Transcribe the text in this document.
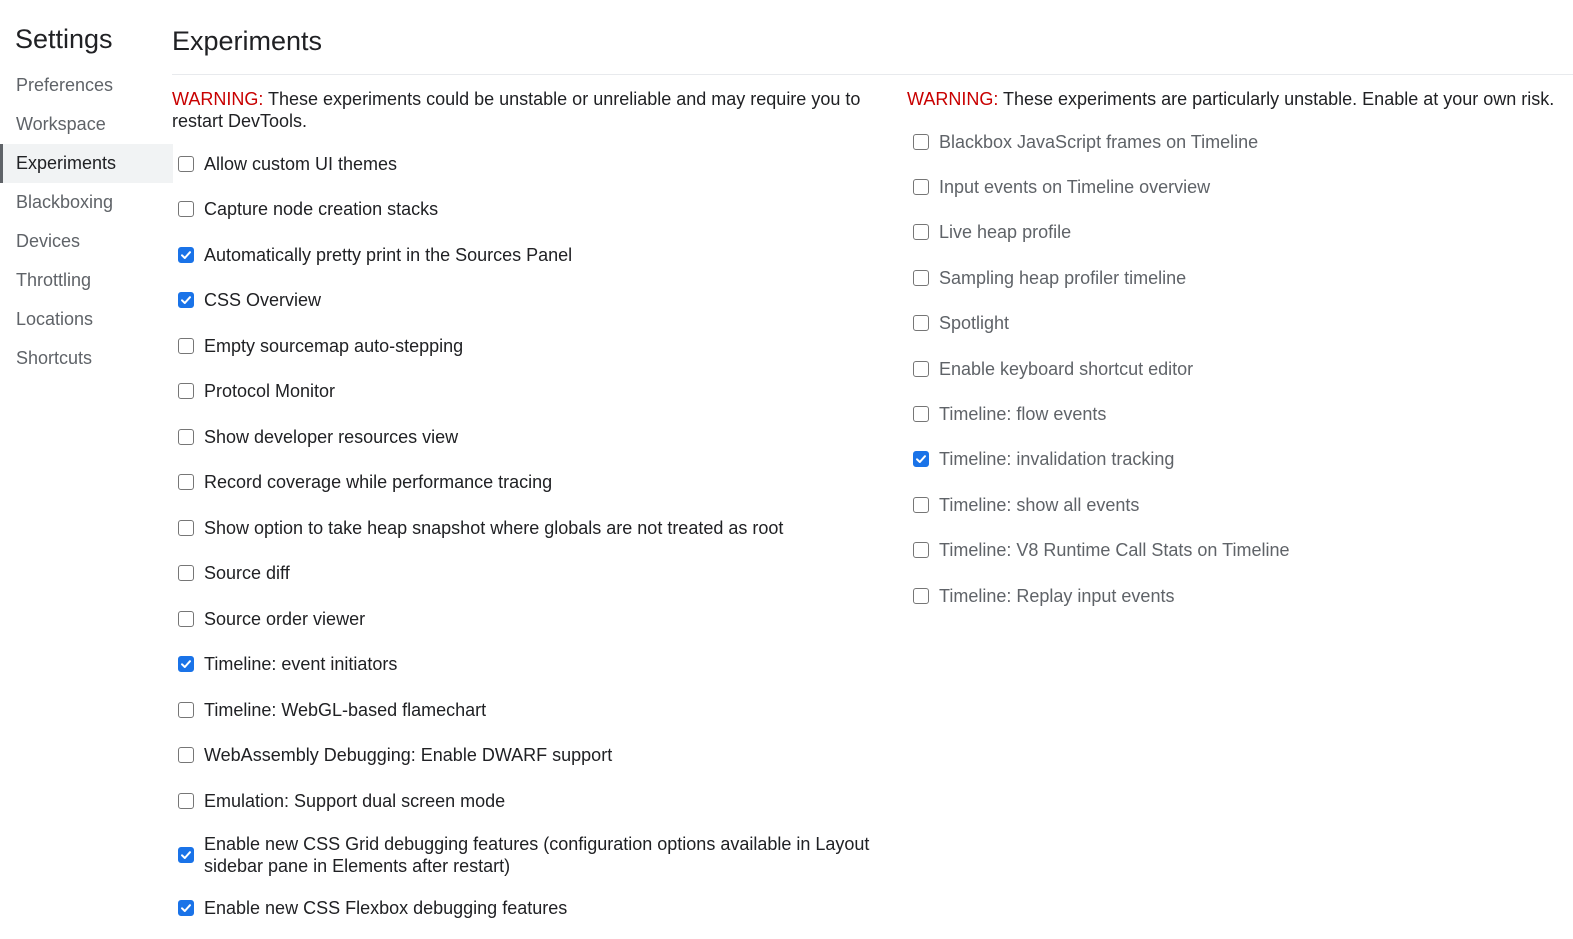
Settings
Preferences
Workspace
Experiments
Blackboxing
Devices
Throttling
Locations
Shortcuts
Experiments

WARNING: These experiments could be unstable or unreliable and may require you to restart DevTools.

Allow custom UI themes
Capture node creation stacks
Automatically pretty print in the Sources Panel
CSS Overview
Empty sourcemap auto-stepping
Protocol Monitor
Show developer resources view
Record coverage while performance tracing
Show option to take heap snapshot where globals are not treated as root
Source diff
Source order viewer
Timeline: event initiators
Timeline: WebGL-based flamechart
WebAssembly Debugging: Enable DWARF support
Emulation: Support dual screen mode
Enable new CSS Grid debugging features (configuration options available in Layout sidebar pane in Elements after restart)
Enable new CSS Flexbox debugging features

WARNING: These experiments are particularly unstable. Enable at your own risk.

Blackbox JavaScript frames on Timeline
Input events on Timeline overview
Live heap profile
Sampling heap profiler timeline
Spotlight
Enable keyboard shortcut editor
Timeline: flow events
Timeline: invalidation tracking
Timeline: show all events
Timeline: V8 Runtime Call Stats on Timeline
Timeline: Replay input events
